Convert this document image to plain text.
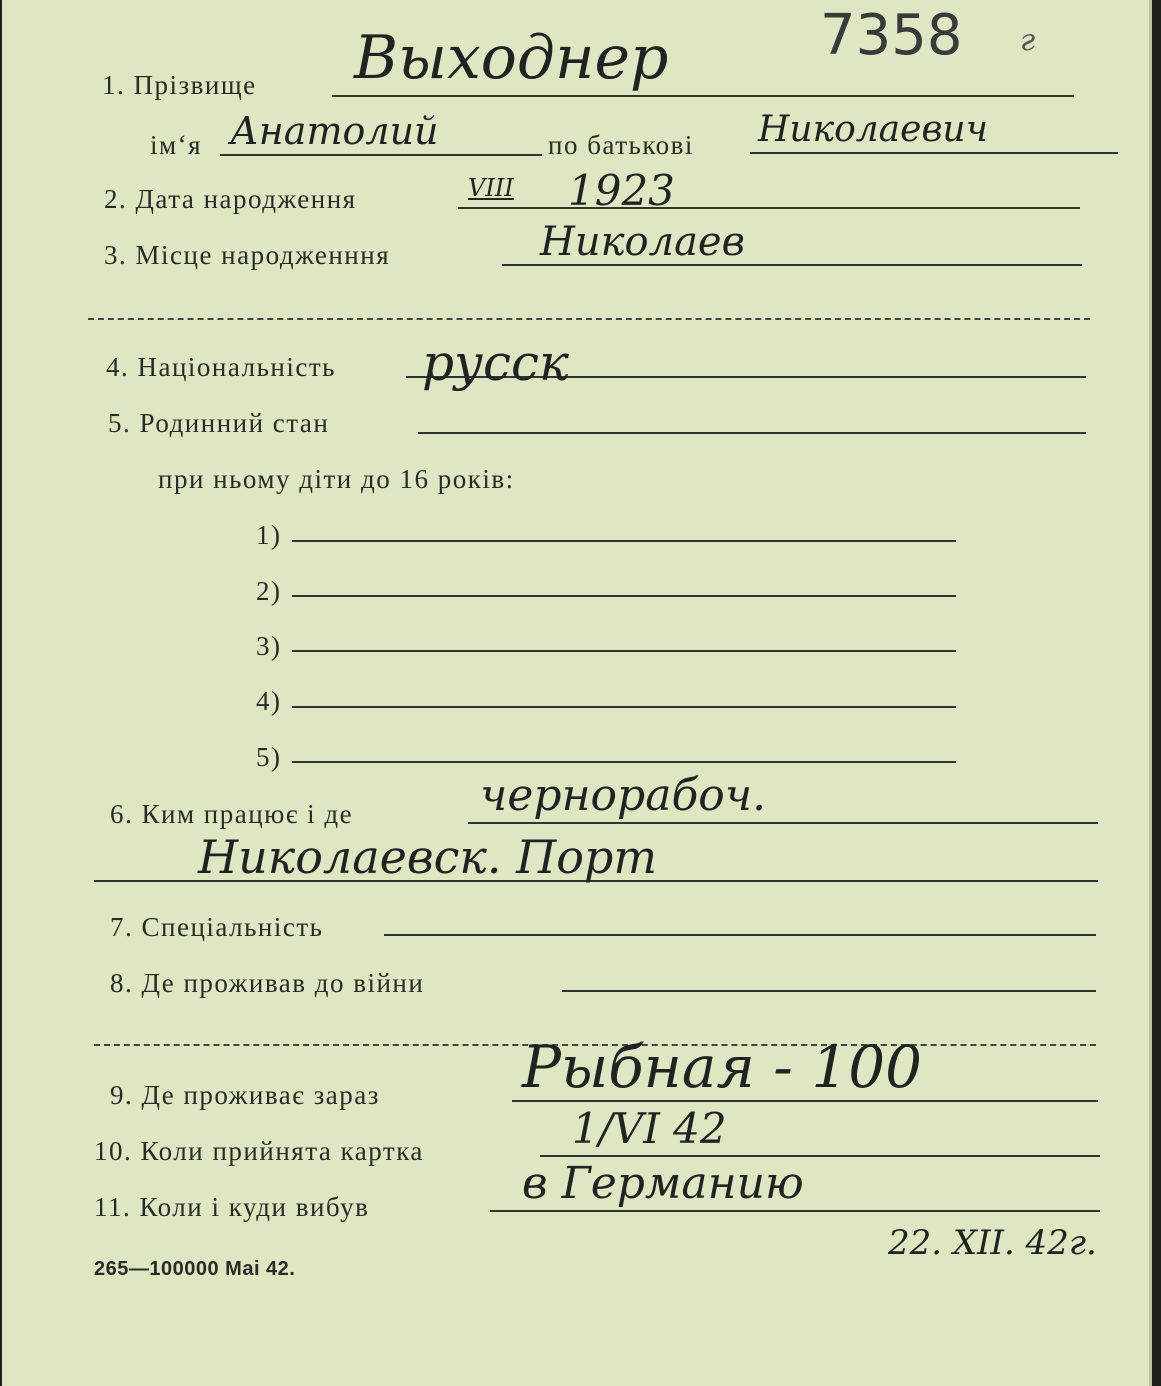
7358 г
1. Прізвище Выходнер
ім‘я Анатолий	по батькові Николаевич
2. Дата народження	VIII 1923
3. Місце народженння	Николаев
4. Національність русск
5. Родинний стан
при ньому діти до 16 років:
1)
2)
3)
4)
5)
6. Ким працює і де	чернорабоч.
Николаевск. Порт
7. Спеціальність
8. Де проживав до війни
9. Де проживає зараз Рыбная - 100
10. Коли прийнята картка	1/VI 42
11. Коли і куди вибув	в Германию
22. XII. 42г.
265—100000 Mai 42.
